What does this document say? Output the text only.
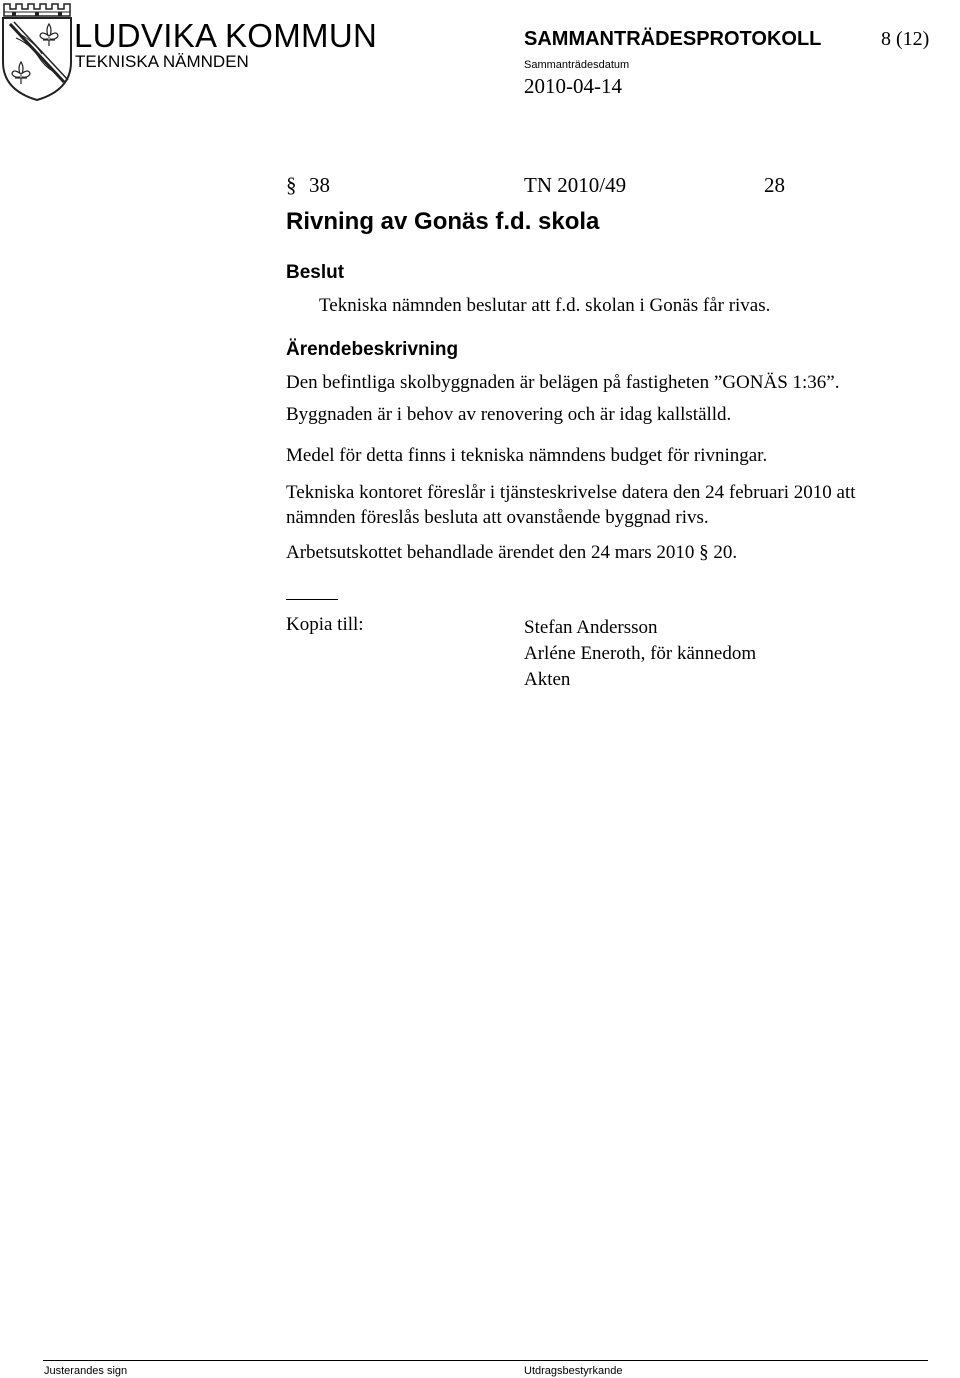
LUDVIKA KOMMUN
TEKNISKA NÄMNDEN
SAMMANTRÄDESPROTOKOLL	8 (12)
Sammanträdesdatum
2010-04-14
§ 38	TN 2010/49	28
Rivning av Gonäs f.d. skola
Beslut
Tekniska nämnden beslutar att f.d. skolan i Gonäs får rivas.
Ärendebeskrivning
Den befintliga skolbyggnaden är belägen på fastigheten ”GONÄS 1:36”.
Byggnaden är i behov av renovering och är idag kallställd.
Medel för detta finns i tekniska nämndens budget för rivningar.
Tekniska kontoret föreslår i tjänsteskrivelse datera den 24 februari 2010 att
nämnden föreslås besluta att ovanstående byggnad rivs.
Arbetsutskottet behandlade ärendet den 24 mars 2010 § 20.
Kopia till:	Stefan Andersson
Arléne Eneroth, för kännedom
Akten
Justerandes sign	Utdragsbestyrkande
